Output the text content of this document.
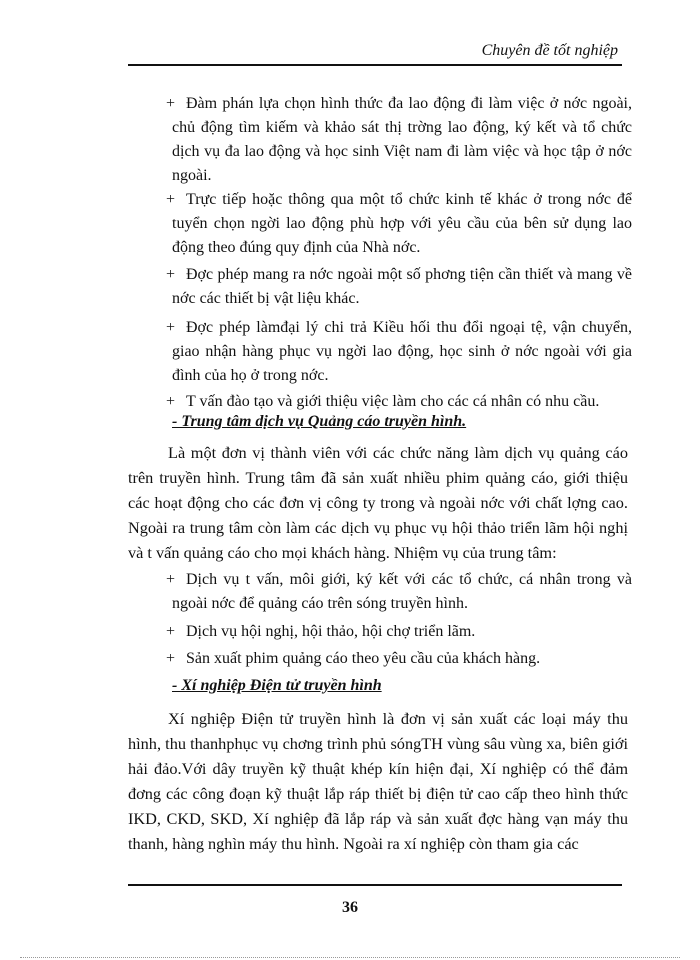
Chuyên đề tốt nghiệp
+ Đàm phán lựa chọn hình thức đa lao động đi làm việc ở nớc ngoài, chủ động tìm kiếm và khảo sát thị trờng lao động, ký kết và tổ chức dịch vụ đa lao động và học sinh Việt nam đi làm việc và học tập ở nớc ngoài.
+ Trực tiếp hoặc thông qua một tổ chức kinh tế khác ở trong nớc để tuyển chọn ngời lao động phù hợp với yêu cầu của bên sử dụng lao động theo đúng quy định của Nhà nớc.
+ Đợc phép mang ra nớc ngoài một số phơng tiện cần thiết và mang về nớc các thiết bị vật liệu khác.
+ Đợc phép làmđại lý chi trả Kiều hối thu đổi ngoại tệ, vận chuyển, giao nhận hàng phục vụ ngời lao động, học sinh ở nớc ngoài với gia đình của họ ở trong nớc.
+ T vấn đào tạo và giới thiệu việc làm cho các cá nhân có nhu cầu.
- Trung tâm dịch vụ Quảng cáo truyền hình.
Là một đơn vị thành viên với các chức năng làm dịch vụ quảng cáo trên truyền hình. Trung tâm đã sản xuất nhiều phim quảng cáo, giới thiệu các hoạt động cho các đơn vị công ty trong và ngoài nớc với chất lợng cao. Ngoài ra trung tâm còn làm các dịch vụ phục vụ hội thảo triển lãm hội nghị và t vấn quảng cáo cho mọi khách hàng. Nhiệm vụ của trung tâm:
+ Dịch vụ t vấn, môi giới, ký kết với các tổ chức, cá nhân trong và ngoài nớc để quảng cáo trên sóng truyền hình.
+ Dịch vụ hội nghị, hội thảo, hội chợ triển lãm.
+ Sản xuất phim quảng cáo theo yêu cầu của khách hàng.
- Xí nghiệp Điện tử truyền hình
Xí nghiệp Điện tử truyền hình là đơn vị sản xuất các loại máy thu hình, thu thanhphục vụ chơng trình phủ sóngTH vùng sâu vùng xa, biên giới hải đảo.Với dây truyền kỹ thuật khép kín hiện đại, Xí nghiệp có thể đảm đơng các công đoạn kỹ thuật lắp ráp thiết bị điện tử cao cấp theo hình thức IKD, CKD, SKD, Xí nghiệp đã lắp ráp và sản xuất đợc hàng vạn máy thu thanh, hàng nghìn máy thu hình. Ngoài ra xí nghiệp còn tham gia các
36
